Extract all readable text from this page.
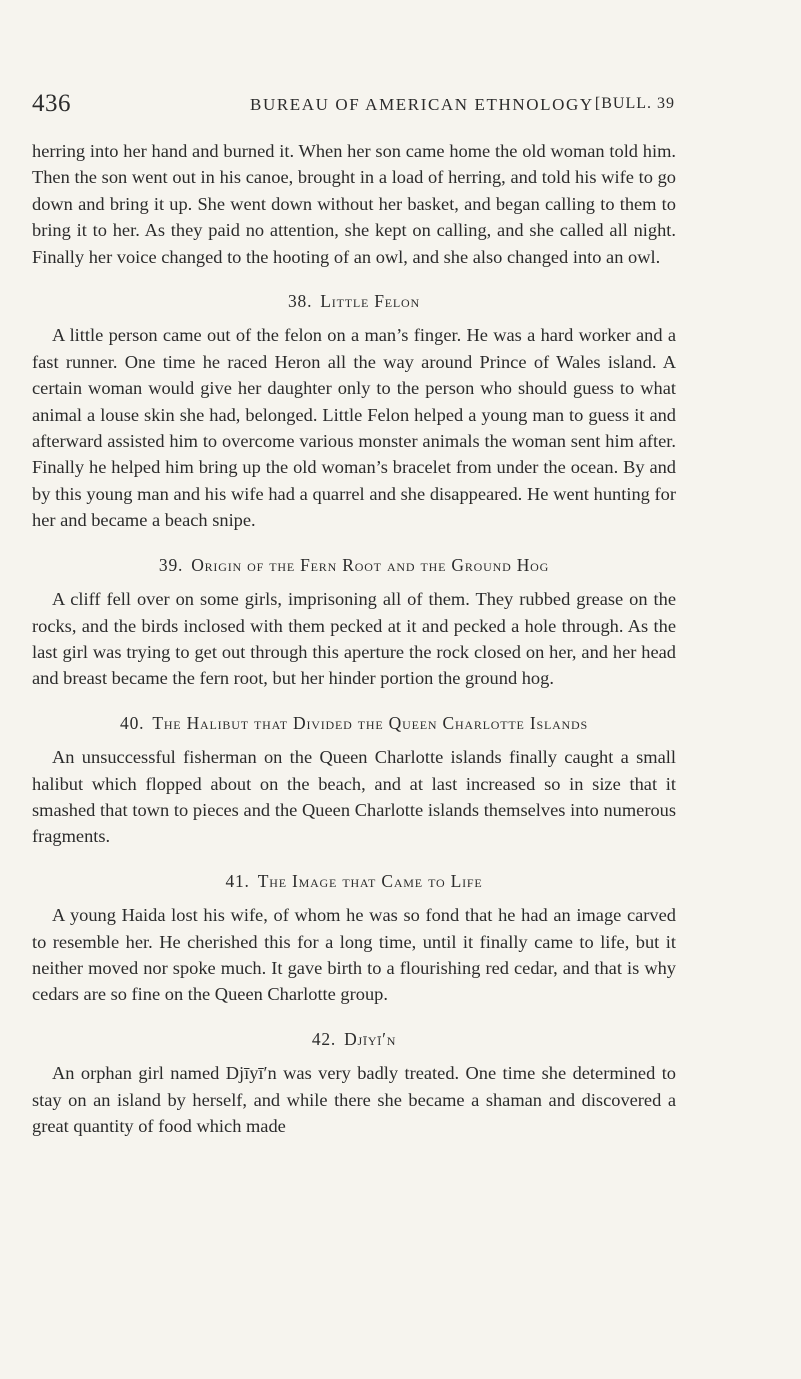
436	BUREAU OF AMERICAN ETHNOLOGY [BULL. 39

herring into her hand and burned it. When her son came home the old woman told him. Then the son went out in his canoe, brought in a load of herring, and told his wife to go down and bring it up. She went down without her basket, and began calling to them to bring it to her. As they paid no attention, she kept on calling, and she called all night. Finally her voice changed to the hooting of an owl, and she also changed into an owl.

38. Little Felon

A little person came out of the felon on a man’s finger. He was a hard worker and a fast runner. One time he raced Heron all the way around Prince of Wales island. A certain woman would give her daughter only to the person who should guess to what animal a louse skin she had, belonged. Little Felon helped a young man to guess it and afterward assisted him to overcome various monster animals the woman sent him after. Finally he helped him bring up the old woman’s bracelet from under the ocean. By and by this young man and his wife had a quarrel and she disappeared. He went hunting for her and became a beach snipe.

39. Origin of the Fern Root and the Ground Hog

A cliff fell over on some girls, imprisoning all of them. They rubbed grease on the rocks, and the birds inclosed with them pecked at it and pecked a hole through. As the last girl was trying to get out through this aperture the rock closed on her, and her head and breast became the fern root, but her hinder portion the ground hog.

40. The Halibut that Divided the Queen Charlotte Islands

An unsuccessful fisherman on the Queen Charlotte islands finally caught a small halibut which flopped about on the beach, and at last increased so in size that it smashed that town to pieces and the Queen Charlotte islands themselves into numerous fragments.

41. The Image that Came to Life

A young Haida lost his wife, of whom he was so fond that he had an image carved to resemble her. He cherished this for a long time, until it finally came to life, but it neither moved nor spoke much. It gave birth to a flourishing red cedar, and that is why cedars are so fine on the Queen Charlotte group.

42. Djīyī′n

An orphan girl named Djīyī′n was very badly treated. One time she determined to stay on an island by herself, and while there she became a shaman and discovered a great quantity of food which made
